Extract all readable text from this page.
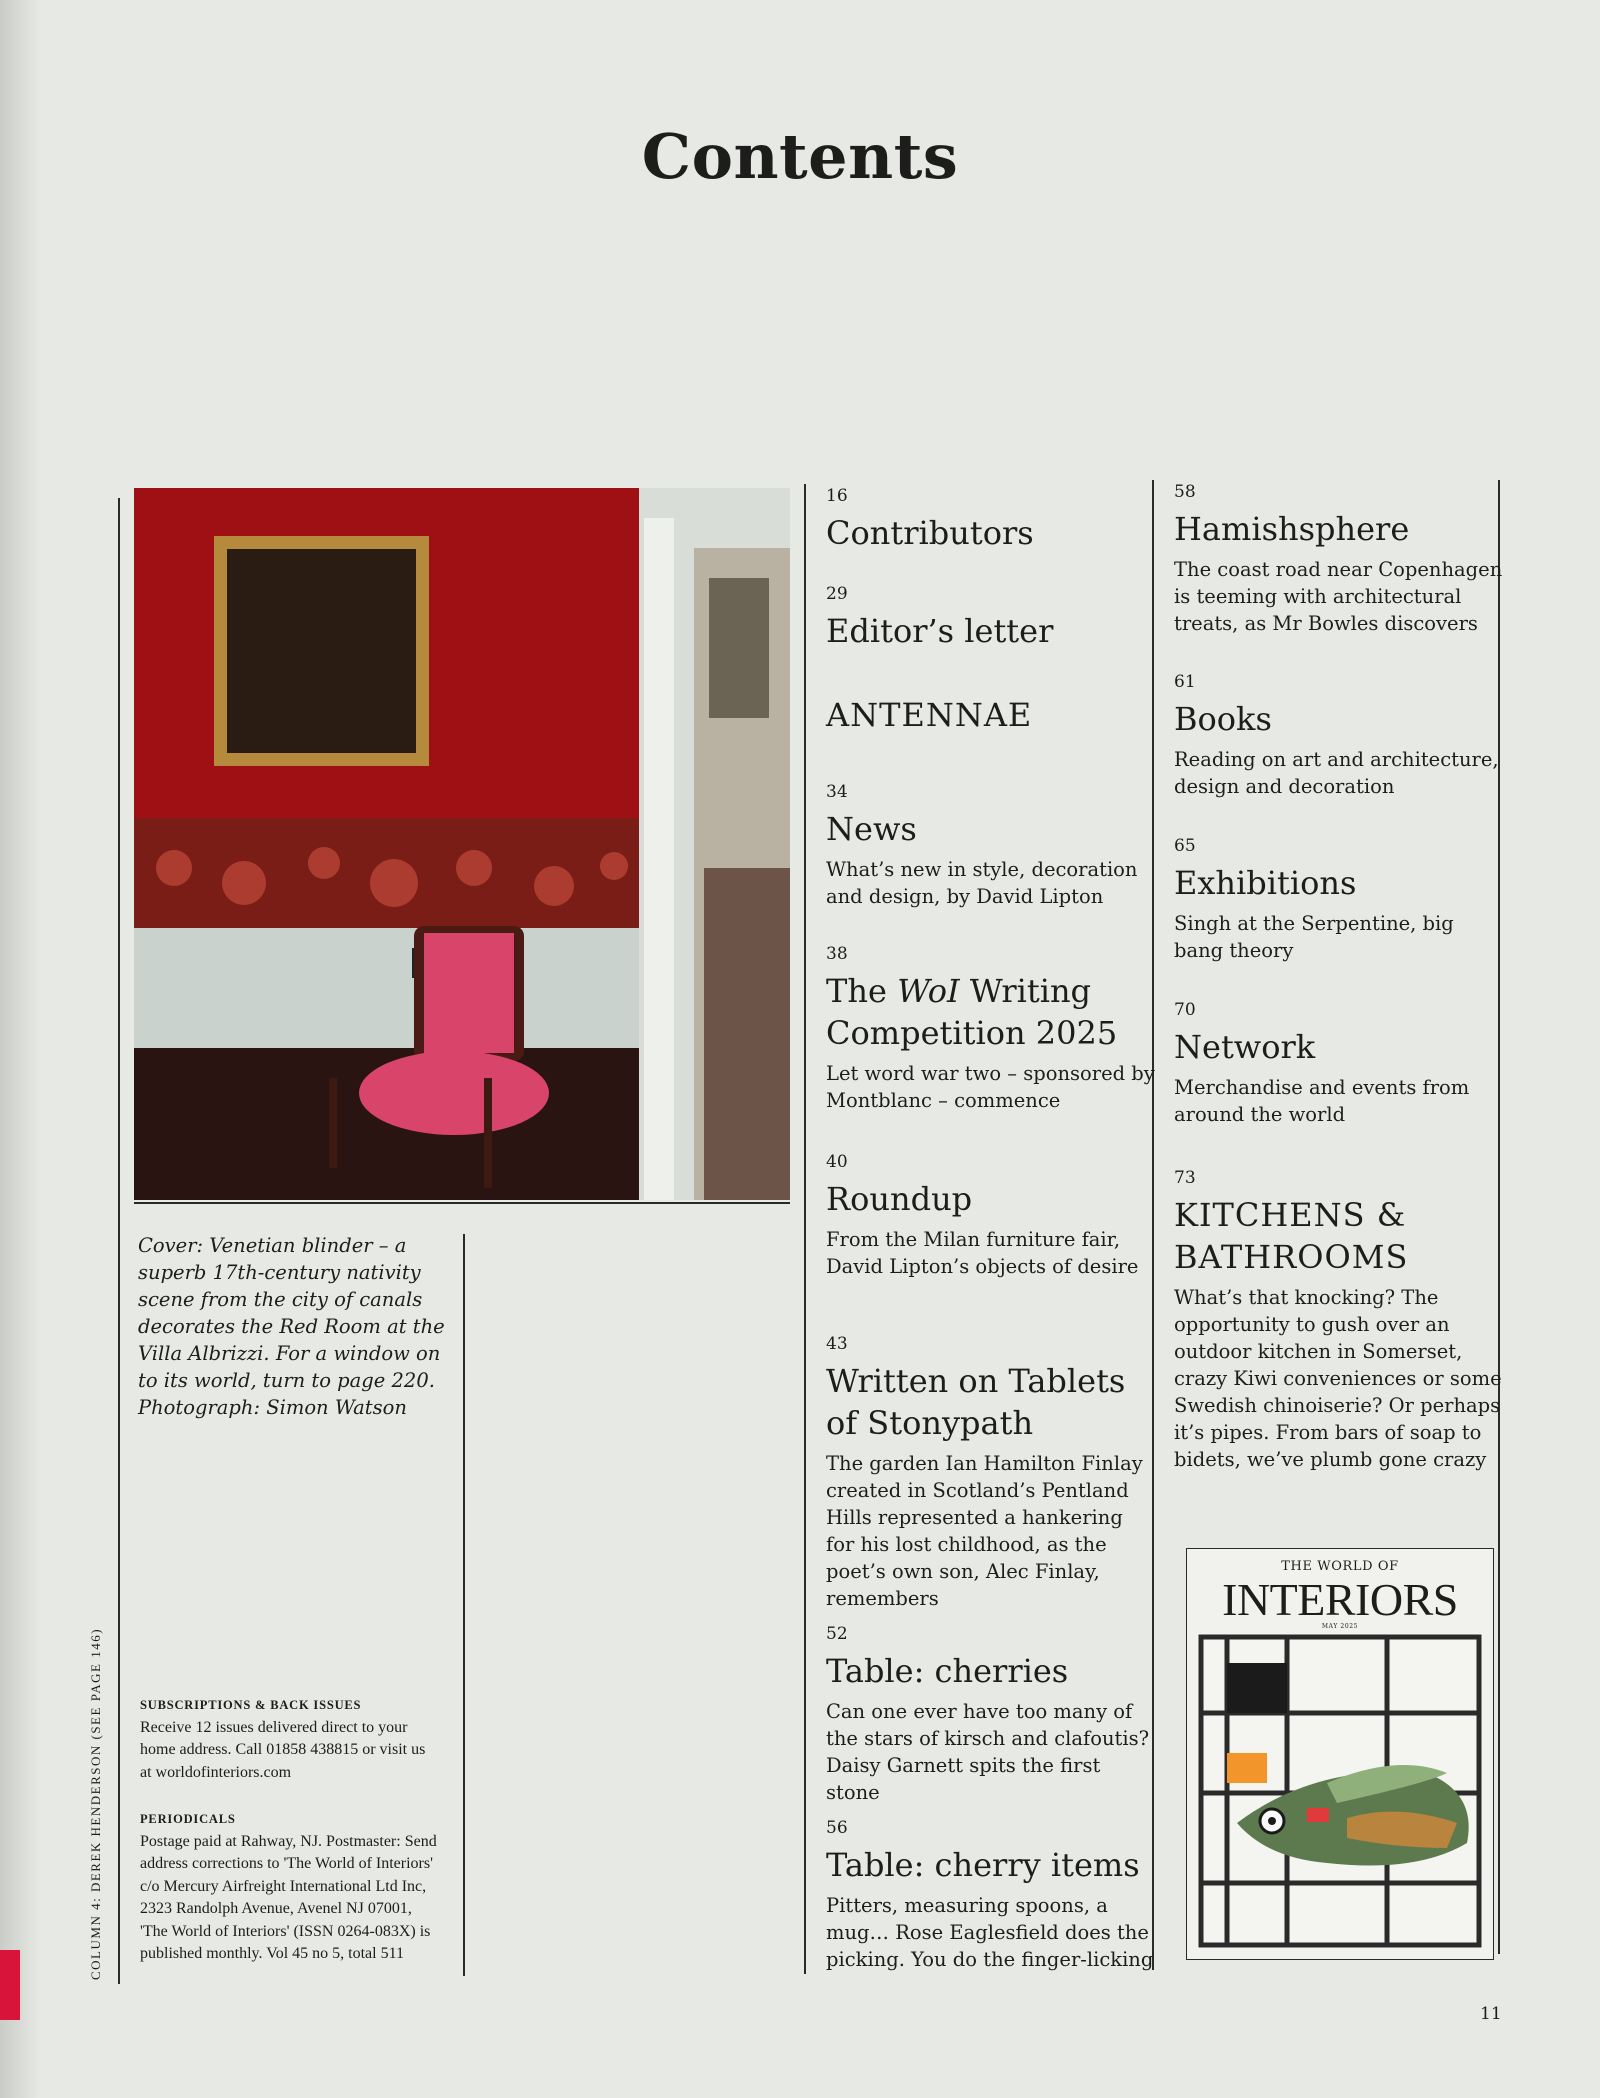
Contents
Cover: Venetian blinder – a superb 17th-century nativity scene from the city of canals decorates the Red Room at the Villa Albrizzi. For a window on to its world, turn to page 220. Photograph: Simon Watson
SUBSCRIPTIONS & BACK ISSUES
Receive 12 issues delivered direct to your home address. Call 01858 438815 or visit us at worldofinteriors.com
PERIODICALS
Postage paid at Rahway, NJ. Postmaster: Send address corrections to 'The World of Interiors' c/o Mercury Airfreight International Ltd Inc, 2323 Randolph Avenue, Avenel NJ 07001, 'The World of Interiors' (ISSN 0264-083X) is published monthly. Vol 45 no 5, total 511
COLUMN 4: DEREK HENDERSON (SEE PAGE 146)
16
Contributors
29
Editor’s letter
ANTENNAE
34
News
What’s new in style, decoration and design, by David Lipton
38
The WoI Writing Competition 2025
Let word war two – sponsored by Montblanc – commence
40
Roundup
From the Milan furniture fair, David Lipton’s objects of desire
43
Written on Tablets of Stonypath
The garden Ian Hamilton Finlay created in Scotland’s Pentland Hills represented a hankering for his lost childhood, as the poet’s own son, Alec Finlay, remembers
52
Table: cherries
Can one ever have too many of the stars of kirsch and clafoutis? Daisy Garnett spits the first stone
56
Table: cherry items
Pitters, measuring spoons, a mug… Rose Eaglesfield does the picking. You do the finger-licking
58
Hamishsphere
The coast road near Copenhagen is teeming with architectural treats, as Mr Bowles discovers
61
Books
Reading on art and architecture, design and decoration
65
Exhibitions
Singh at the Serpentine, big bang theory
70
Network
Merchandise and events from around the world
73
KITCHENS & BATHROOMS
What’s that knocking? The opportunity to gush over an outdoor kitchen in Somerset, crazy Kiwi conveniences or some Swedish chinoiserie? Or perhaps it’s pipes. From bars of soap to bidets, we’ve plumb gone crazy
THE WORLD OF
INTERIORS
MAY 2025
11
